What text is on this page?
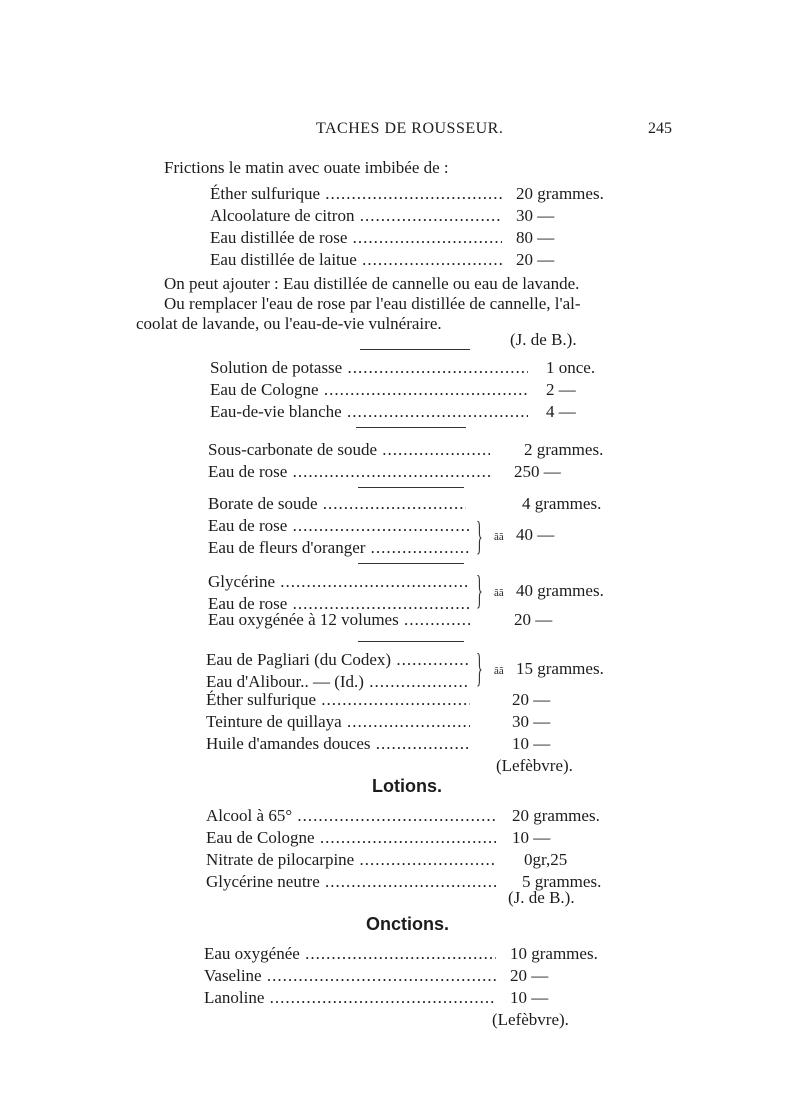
TACHES DE ROUSSEUR.	245
Frictions le matin avec ouate imbibée de :
Éther sulfurique .....	20 grammes.
Alcoolature de citron .....	30 —
Eau distillée de rose .....	80 —
Eau distillée de laitue .....	20 —
On peut ajouter : Eau distillée de cannelle ou eau de lavande.
Ou remplacer l'eau de rose par l'eau distillée de cannelle, l'al-
coolat de lavande, ou l'eau-de-vie vulnéraire.
(J. de B.).
Solution de potasse .....	1 once.
Eau de Cologne .....	2 —
Eau-de-vie blanche .....	4 —
Sous-carbonate de soude .....	2 grammes.
Eau de rose .....	250 —
Borate de soude .....	4 grammes.
Eau de rose .....
Eau de fleurs d'oranger .....	} ãã 40 —
Glycérine .....
Eau de rose .....	} ãã 40 grammes.
Eau oxygénée à 12 volumes .....	20 —
Eau de Pagliari (du Codex) .....
Eau d'Alibour.. — (Id.) .....	} ãã 15 grammes.
Éther sulfurique .....	20 —
Teinture de quillaya .....	30 —
Huile d'amandes douces .....	10 —
(Lefèbvre).
Lotions.
Alcool à 65° .....	20 grammes.
Eau de Cologne .....	10 —
Nitrate de pilocarpine .....	0gr,25
Glycérine neutre .....	5 grammes.
(J. de B.).
Onctions.
Eau oxygénée .....	10 grammes.
Vaseline .....	20 —
Lanoline .....	10 —
(Lefèbvre).
